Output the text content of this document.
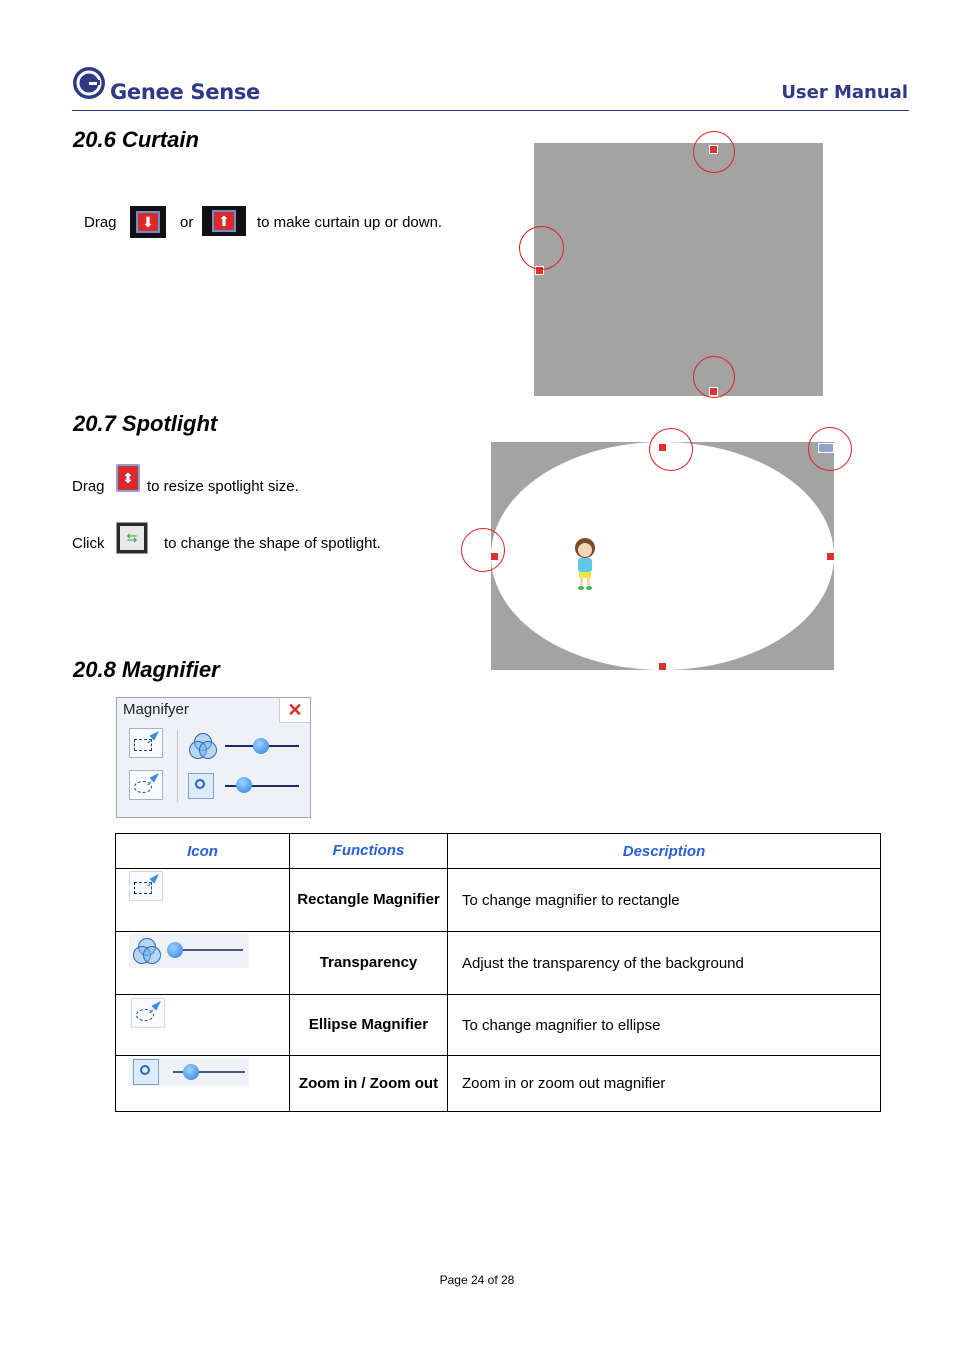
Genee Sense	User Manual
20.6 Curtain
Drag	⬇	or	⬆	to make curtain up or down.
20.7 Spotlight
Drag	⬍ to resize spotlight size.
Click	⇆	to change the shape of spotlight.
20.8 Magnifier
Magnifyer	✕
Icon	Functions	Description

	Rectangle Magnifier	To change magnifier to rectangle

	Transparency	Adjust the transparency of the background

	Ellipse Magnifier	To change magnifier to ellipse

	Zoom in / Zoom out	Zoom in or zoom out magnifier
Page 24 of 28
